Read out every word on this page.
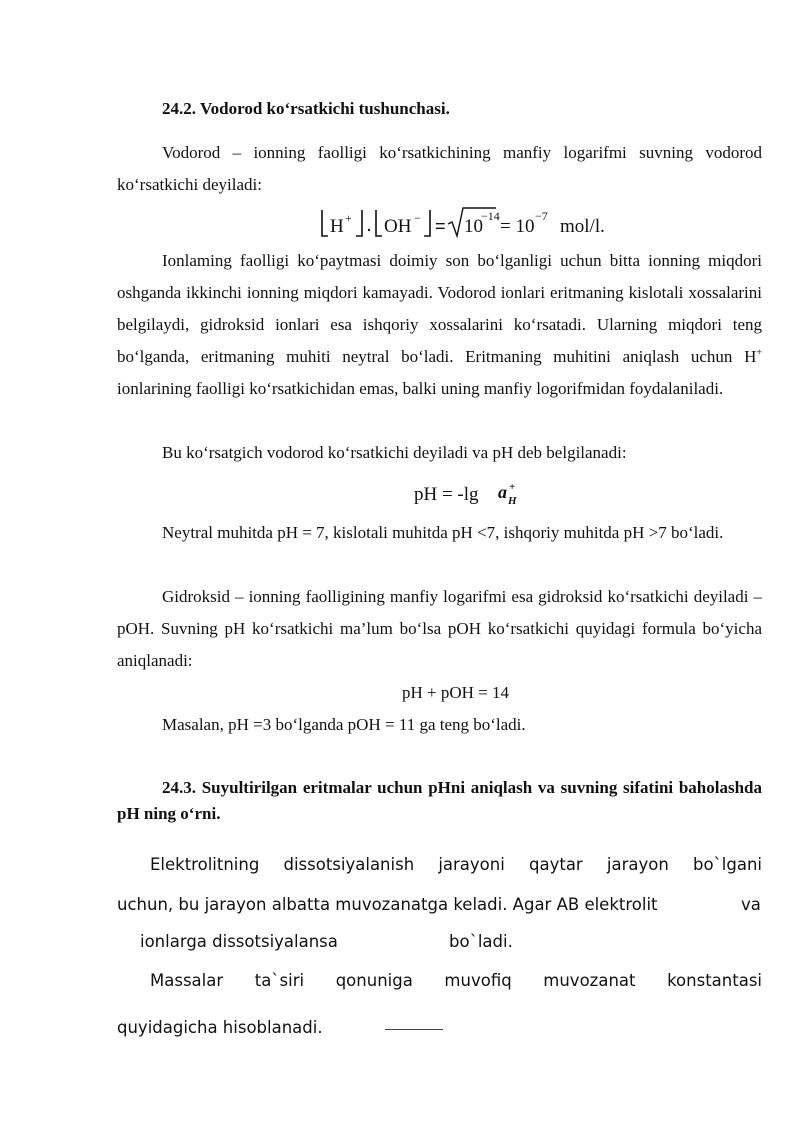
24.2. Vodorod ko‘rsatkichi tushunchasi.

Vodorod – ionning faolligi ko‘rsatkichining manfiy logarifmi suvning vodorod ko‘rsatkichi deyiladi:

H + OH − = 10
−14 = 10 −7 mol/l.

Ionlaming faolligi ko‘paytmasi doimiy son bo‘lganligi uchun bitta ionning miqdori oshganda ikkinchi ionning miqdori kamayadi. Vodorod ionlari eritmaning kislotali xossalarini belgilaydi, gidroksid ionlari esa ishqoriy xossalarini ko‘rsatadi. Ularning miqdori teng bo‘lganda, eritmaning muhiti neytral bo‘ladi. Eritmaning muhitini aniqlash uchun H+ ionlarining faolligi ko‘rsatkichidan emas, balki uning manfiy logorifmidan foydalaniladi.

Bu ko‘rsatgich vodorod ko‘rsatkichi deyiladi va pH deb belgilanadi:

pH = -lg a H
+

Neytral muhitda pH = 7, kislotali muhitda pH <7, ishqoriy muhitda pH >7 bo‘ladi.

Gidroksid – ionning faolligining manfiy logarifmi esa gidroksid ko‘rsatkichi deyiladi – pOH. Suvning pH ko‘rsatkichi ma’lum bo‘lsa pOH ko‘rsatkichi quyidagi formula bo‘yicha aniqlanadi:

pH + pOH = 14
Masalan, pH =3 bo‘lganda pOH = 11 ga teng bo‘ladi.

24.3. Suyultirilgan eritmalar uchun pHni aniqlash va suvning sifatini baholashda pH ning o‘rni.

Elektrolitning dissotsiyalanish jarayoni qaytar jarayon bo`lgani
uchun, bu jarayon albatta muvozanatga keladi. Agar AB elektrolit	va
ionlarga dissotsiyalansa	bo`ladi.
Massalar ta`siri qonuniga muvofiq muvozanat konstantasi
quyidagicha hisoblanadi.
